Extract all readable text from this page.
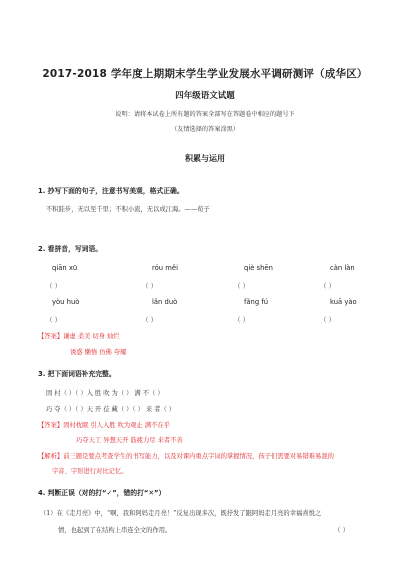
2017-2018 学年度上期期末学生学业发展水平调研测评（成华区）
四年级语文试题
说明：请将本试卷上所有题的答案全部写在答题卷中相应的题号下
（友情选择的答案涂黑）
积累与运用
1. 抄写下面的句子，注意书写美观，格式正确。
不积跬步，无以至千里；不积小流，无以成江海。——荀子
2. 看拼音，写词语。
qiān xū	róu měi	qiè shēn	càn làn
（ ）	（ ）	（ ）	（ ）
yòu huò	lǎn duò	fǎng fú	kuā yào
（ ）	（ ）	（ ）	（ ）
【答案】谦虚 柔美 切身 灿烂
诱惑 懒惰 仿佛 夸耀
3. 把下面词语补充完整。
固 村（ ）（ ）入 胜 吹 为（ ） 满 不（ ）
巧 夺（ ）（ ）天 开 莅 藏（ ）（ ） 来 者（ ）
【答案】固村枕眠 引人入胜 吹为观止 满不在乎
巧夺天工 异想天开 筋疲力尽 来者不善
【解析】前三题是要点考查学生的书写能力，以及对课内重点字词的掌握情况，孩子们需要对易错难易混的
字音、字形进行对比记忆。
4. 判断正误（对的打“✓”，错的打“✕”）
（1）在《走月亮》中，“啊，我和阿妈走月亮！”反复出现多次，既抒发了跟阿妈走月亮的幸福喜悦之
情，也起到了在结构上串连全文的作用。	（ ）
